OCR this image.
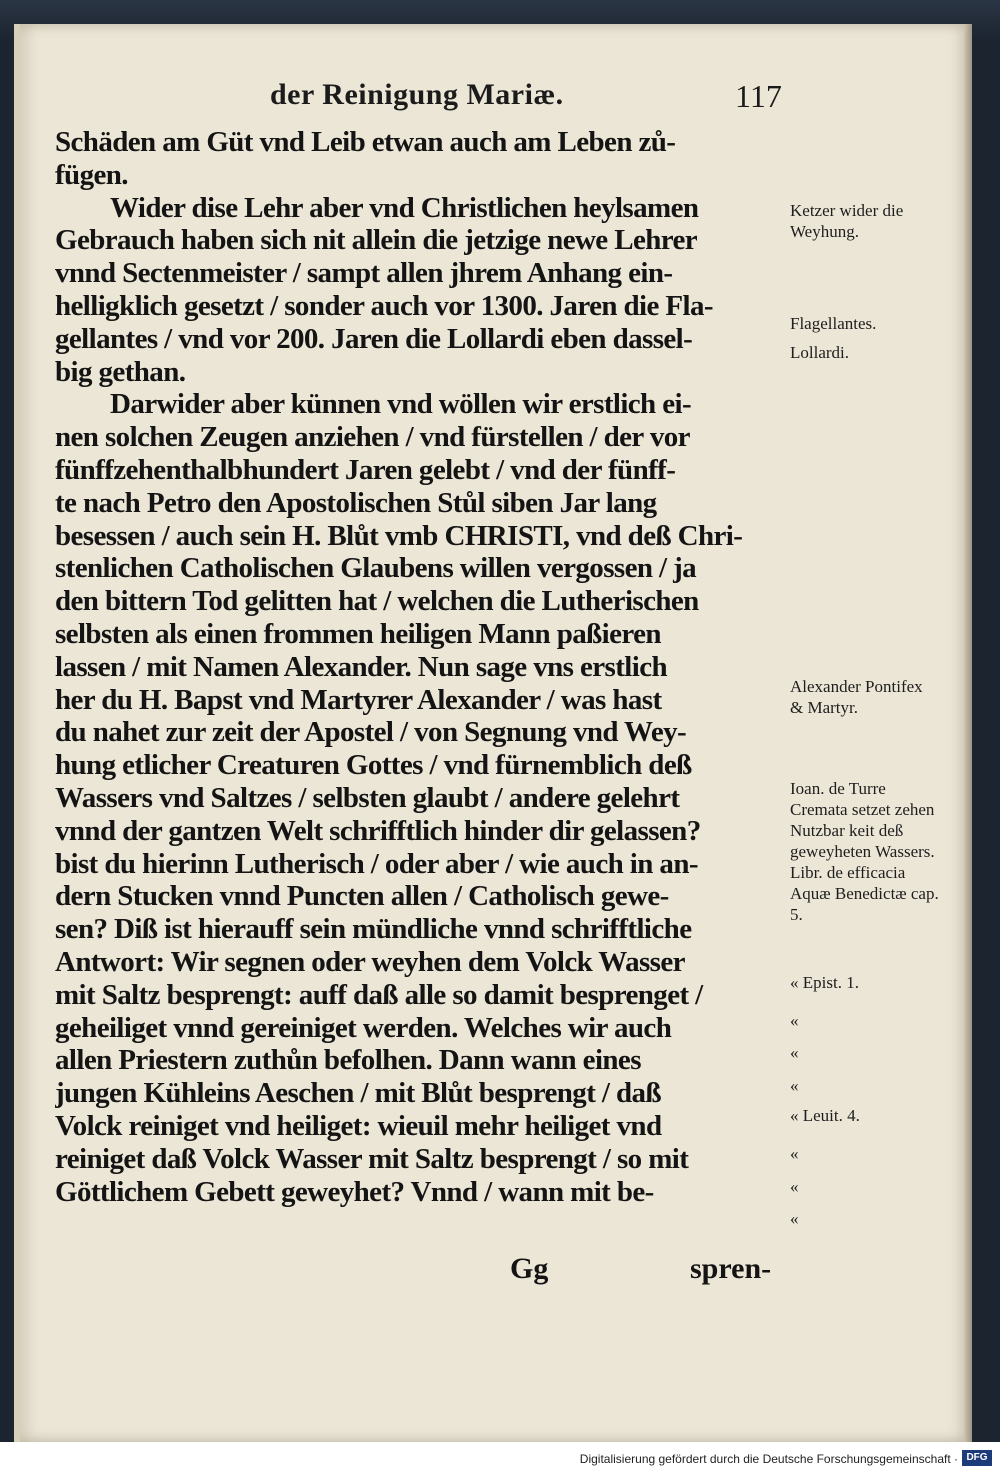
der Reinigung Mariæ.	117
Schäden am Güt vnd Leib etwan auch am Leben zů‐
fügen.
Wider dise Lehr aber vnd Christlichen heylsamen
Gebrauch haben sich nit allein die jetzige newe Lehrer
vnnd Sectenmeister / sampt allen jhrem Anhang ein‐
helligklich gesetzt / sonder auch vor 1300. Jaren die Fla‐
gellantes / vnd vor 200. Jaren die Lollardi eben dassel‐
big gethan.
Darwider aber künnen vnd wöllen wir erstlich ei‐
nen solchen Zeugen anziehen / vnd fürstellen / der vor
fünffzehenthalbhundert Jaren gelebt / vnd der fünff‐
te nach Petro den Apostolischen Stůl siben Jar lang
besessen / auch sein H. Blůt vmb CHRISTI, vnd deß Chri‐
stenlichen Catholischen Glaubens willen vergossen / ja
den bittern Tod gelitten hat / welchen die Lutherischen
selbsten als einen frommen heiligen Mann paßieren
lassen / mit Namen Alexander. Nun sage vns erstlich
her du H. Bapst vnd Martyrer Alexander / was hast
du nahet zur zeit der Apostel / von Segnung vnd Wey‐
hung etlicher Creaturen Gottes / vnd fürnemblich deß
Wassers vnd Saltzes / selbsten glaubt / andere gelehrt
vnnd der gantzen Welt schrifftlich hinder dir gelassen?
bist du hierinn Lutherisch / oder aber / wie auch in an‐
dern Stucken vnnd Puncten allen / Catholisch gewe‐
sen? Diß ist hierauff sein mündliche vnnd schrifftliche
Antwort: Wir segnen oder weyhen dem Volck Wasser
mit Saltz besprengt: auff daß alle so damit besprenget /
geheiliget vnnd gereiniget werden. Welches wir auch
allen Priestern zuthůn befolhen. Dann wann eines
jungen Kühleins Aeschen / mit Blůt besprengt / daß
Volck reiniget vnd heiliget: wieuil mehr heiliget vnd
reiniget daß Volck Wasser mit Saltz besprengt / so mit
Göttlichem Gebett geweyhet? Vnnd / wann mit be‐
Ketzer wider die Weyhung.
Flagellantes.
Lollardi.
Alexander Pontifex & Martyr.
Ioan. de Turre Cremata setzet zehen Nutzbar keit deß geweyheten Wassers. Libr. de efficacia Aquæ Benedictæ cap. 5.
« Epist. 1.
«
«
«
« Leuit. 4.
«
«
«
Gg	spren‐
Digitalisierung gefördert durch die Deutsche Forschungsgemeinschaft · DFG
